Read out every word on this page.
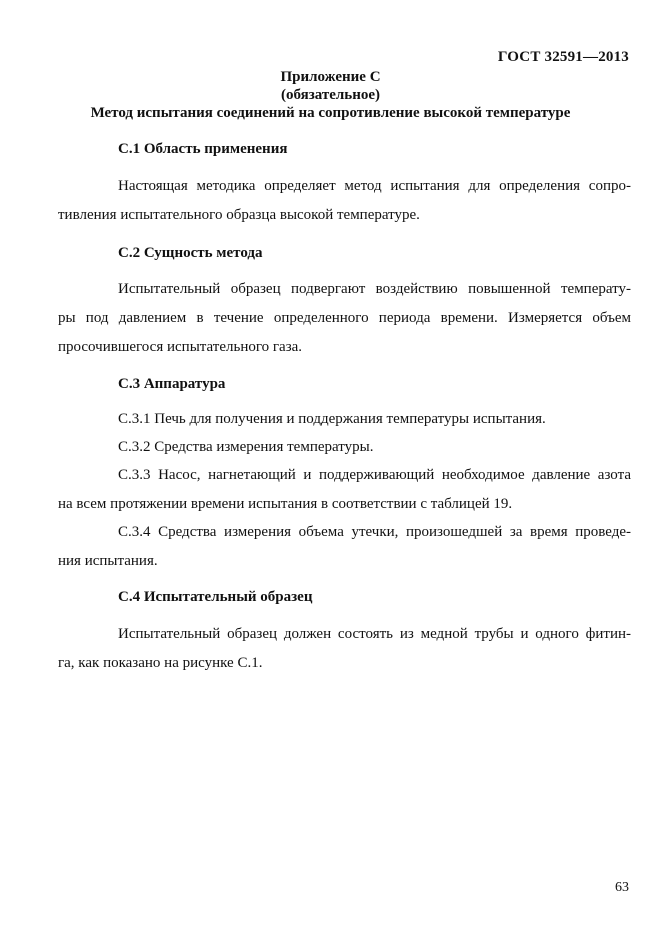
ГОСТ 32591—2013
Приложение С
(обязательное)
Метод испытания соединений на сопротивление высокой температуре
С.1 Область применения
Настоящая методика определяет метод испытания для определения сопро-
тивления испытательного образца высокой температуре.
С.2 Сущность метода
Испытательный образец подвергают воздействию повышенной температу-
ры под давлением в течение определенного периода времени. Измеряется объем
просочившегося испытательного газа.
С.3 Аппаратура
С.3.1 Печь для получения и поддержания температуры испытания.
С.3.2 Средства измерения температуры.
С.3.3 Насос, нагнетающий и поддерживающий необходимое давление азота
на всем протяжении времени испытания в соответствии с таблицей 19.
С.3.4 Средства измерения объема утечки, произошедшей за время проведе-
ния испытания.
С.4 Испытательный образец
Испытательный образец должен состоять из медной трубы и одного фитин-
га, как показано на рисунке С.1.
63
